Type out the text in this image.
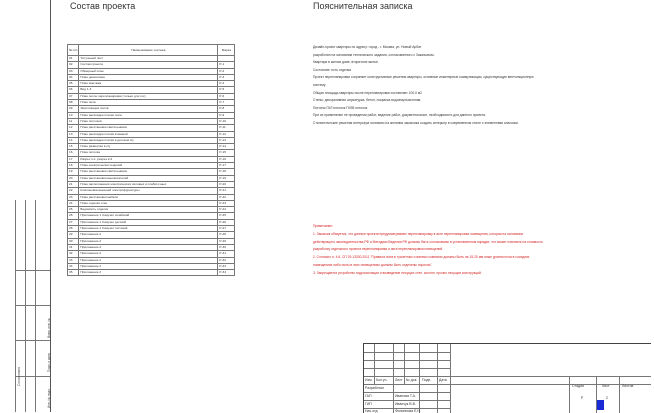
Состав проекта	Пояснительная записка
№ п/п	Наименование чертежа	Марка
01	Титульный лист	
02	Состав проекта	Р-1
03	Обмерный план	Р-2
04	План демонтажа	Р-3
05	План монтажа	Р-4
06	Вид 1-3	Р-5
07	План после перепланировки (только для гос)	Р-6
08	План пола	Р-7
09	Экспликация полов	Р-8
10	План раскладки плитки пола	Р-9
11	План потолков	Р-10
12	План расстановки светильников	Р-11
13	План раскладки плитки в ванной	Р-12
14	План раскладки плитки в детском с/у	Р-13
15	План развертки в с/у	Р-14
16	План потолка	Р-15
17	Разрез 1-1, разрез 2-2	Р-16
18	План электрических изделий	Р-17
19	План расстановки светильников	Р-18
20	План расстановки выключателей	Р-19
21	План расположения электрических силовых и слаботочных	Р-20
22	Компоновка внешней электрофурнитуры	Р-21
23	План расстановки мебели	Р-22
24	План отделки стен	Р-23
25	Ведомость отделки	Р-24
26	Приложение 1 Санузел хозяйский	Р-25
27	Приложение 1 Санузел детский	Р-26
28	Приложение 1 Санузел гостевой	Р-27
29	Приложение 2	Р-28
30	Приложение 2	Р-29
31	Приложение 2	Р-30
32	Приложение 2	Р-31
33	Приложение 2	Р-32
34	Приложение 2	Р-33
35	Приложение 2	Р-34

Дизайн-проект квартиры по адресу: город - г. Москва, ул. Новый Арбат

разработан на основании технического задания, согласованного с Заказчиком.

Квартира в жилом доме, вторичное жилье.

Состояние: есть отделка

Проект перепланировки сохраняет конструктивные решения квартиры, основные инженерные коммуникации, существующую вентиляционную

систему.

Общая площадь квартиры после перепланировки составляет 100,0 м2

Стены: декоративная штукатурка, бетон, покраска водоэмульсионная.

Потолок ГКЛ потолок ГКЛВ потолок

При их применение не проведении работ, ведение работ, документальное, необходимость для данного проекта.

Стилистические решения интерьера основано на желании заказчика создать интерьер в современном стиле с элементами классики.

Примечание:

1. Заказчик обязуется, что данные проекта предусматривают перепланировку в акте перепланировки помещения, которая на основании

действующего законодательства РФ и Методики Ведения РФ должны быть согласованы в установленном порядке, что может повлиять на стоимость

разработку отдельного проекта перепланировки и акта перепланировки помещений.

2. Согласно п. 4.6. СП 29.13330.2011 "Правила пола в туалетных и ванных комнатах должны быть на 15-20 мм ниже уровня пола в соседних

помещениях либо полы в этих помещениях должны быть отделены порогом".

3. Запрещается устройство гидроизоляции и возведение несущих стен, колонн, прочих несущих конструкций.

Согласовано
Взам. инв. №
Подп. и дата
Инв. № подл.
Изм. Кол.уч. Лист № док. Подп. Дата
Разработал
ГАП	Иванова Т.А.
ГИП	Иванчук В.В.
Нач.отд	Филиппова Е.Н.
Стадия	Лист	Листов
Р	2
